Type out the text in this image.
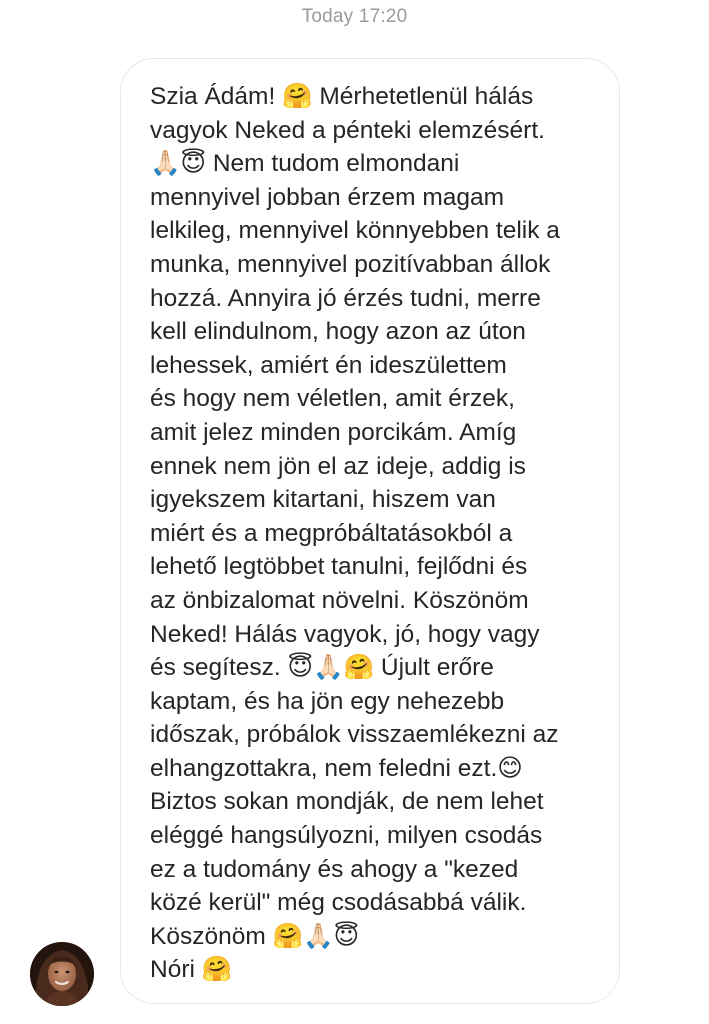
Today 17:20
Szia Ádám! 🤗 Mérhetetlenül hálás
vagyok Neked a pénteki elemzésért.
🙏🏻😇 Nem tudom elmondani
mennyivel jobban érzem magam
lelkileg, mennyivel könnyebben telik a
munka, mennyivel pozitívabban állok
hozzá. Annyira jó érzés tudni, merre
kell elindulnom, hogy azon az úton
lehessek, amiért én ideszülettem
és hogy nem véletlen, amit érzek,
amit jelez minden porcikám. Amíg
ennek nem jön el az ideje, addig is
igyekszem kitartani, hiszem van
miért és a megpróbáltatásokból a
lehető legtöbbet tanulni, fejlődni és
az önbizalomat növelni. Köszönöm
Neked! Hálás vagyok, jó, hogy vagy
és segítesz. 😇🙏🏻🤗 Újult erőre
kaptam, és ha jön egy nehezebb
időszak, próbálok visszaemlékezni az
elhangzottakra, nem feledni ezt.😊
Biztos sokan mondják, de nem lehet
eléggé hangsúlyozni, milyen csodás
ez a tudomány és ahogy a "kezed
közé kerül" még csodásabbá válik.
Köszönöm 🤗🙏🏻😇
Nóri 🤗
